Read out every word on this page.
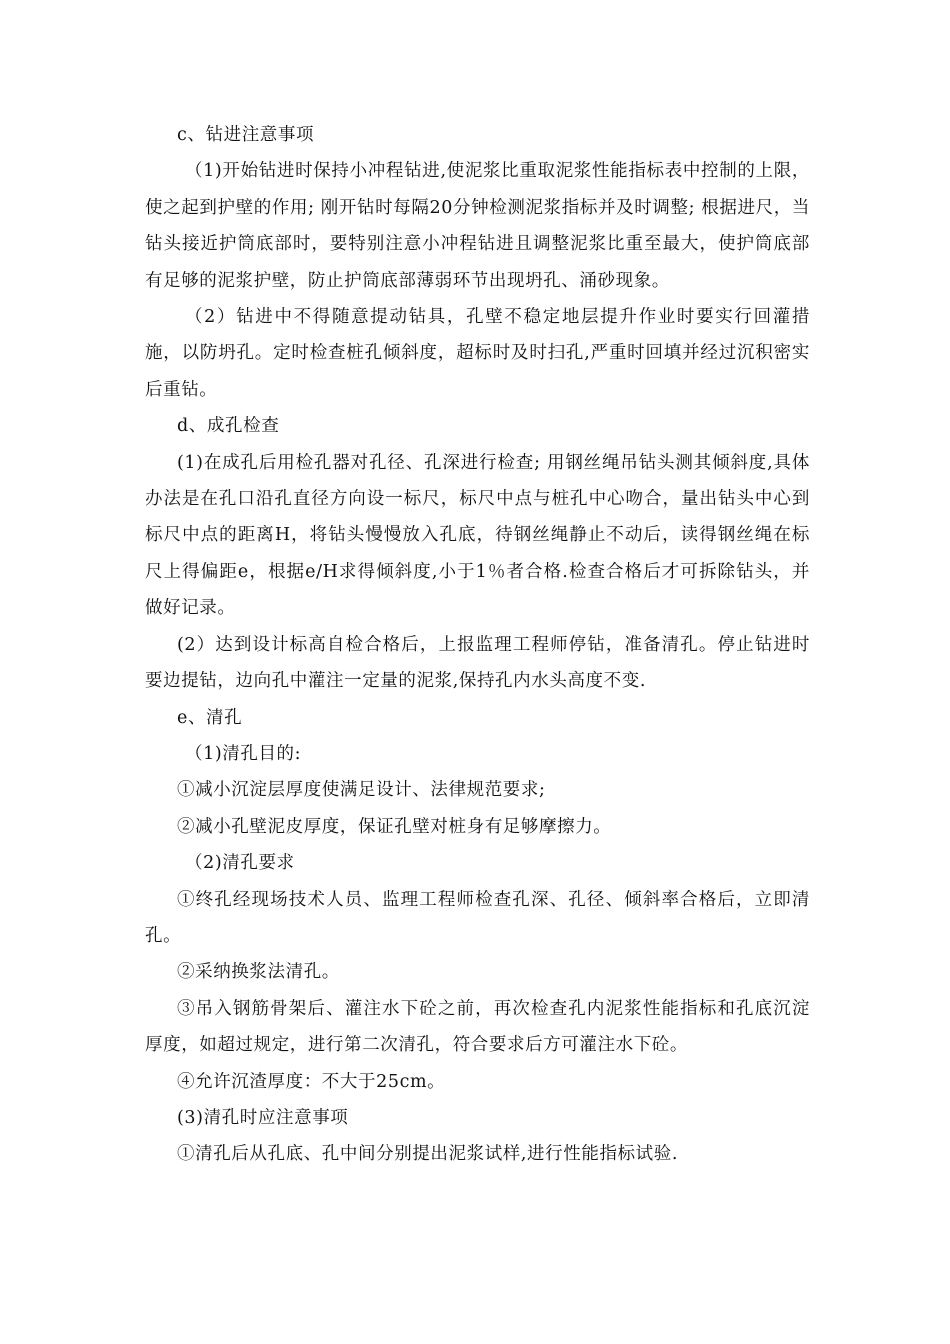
c、钻进注意事项

（1)开始钻进时保持小冲程钻进,使泥浆比重取泥浆性能指标表中控制的上限，使之起到护壁的作用; 刚开钻时每隔20分钟检测泥浆指标并及时调整; 根据进尺，当钻头接近护筒底部时，要特别注意小冲程钻进且调整泥浆比重至最大，使护筒底部有足够的泥浆护壁，防止护筒底部薄弱环节出现坍孔、涌砂现象。

（2）钻进中不得随意提动钻具，孔壁不稳定地层提升作业时要实行回灌措施，以防坍孔。定时检查桩孔倾斜度，超标时及时扫孔,严重时回填并经过沉积密实后重钻。

d、成孔检查

(1)在成孔后用检孔器对孔径、孔深进行检查; 用钢丝绳吊钻头测其倾斜度,具体办法是在孔口沿孔直径方向设一标尺，标尺中点与桩孔中心吻合，量出钻头中心到标尺中点的距离H，将钻头慢慢放入孔底，待钢丝绳静止不动后，读得钢丝绳在标尺上得偏距e，根据e/H求得倾斜度,小于1％者合格.检查合格后才可拆除钻头，并做好记录。

(2）达到设计标高自检合格后，上报监理工程师停钻，准备清孔。停止钻进时要边提钻，边向孔中灌注一定量的泥浆,保持孔内水头高度不变.

e、清孔

（1)清孔目的:

①减小沉淀层厚度使满足设计、法律规范要求;

②减小孔壁泥皮厚度，保证孔壁对桩身有足够摩擦力。

（2)清孔要求

①终孔经现场技术人员、监理工程师检查孔深、孔径、倾斜率合格后，立即清孔。

②采纳换浆法清孔。

③吊入钢筋骨架后、灌注水下砼之前，再次检查孔内泥浆性能指标和孔底沉淀厚度，如超过规定，进行第二次清孔，符合要求后方可灌注水下砼。

④允许沉渣厚度：不大于25cm。

(3)清孔时应注意事项

①清孔后从孔底、孔中间分别提出泥浆试样,进行性能指标试验.
